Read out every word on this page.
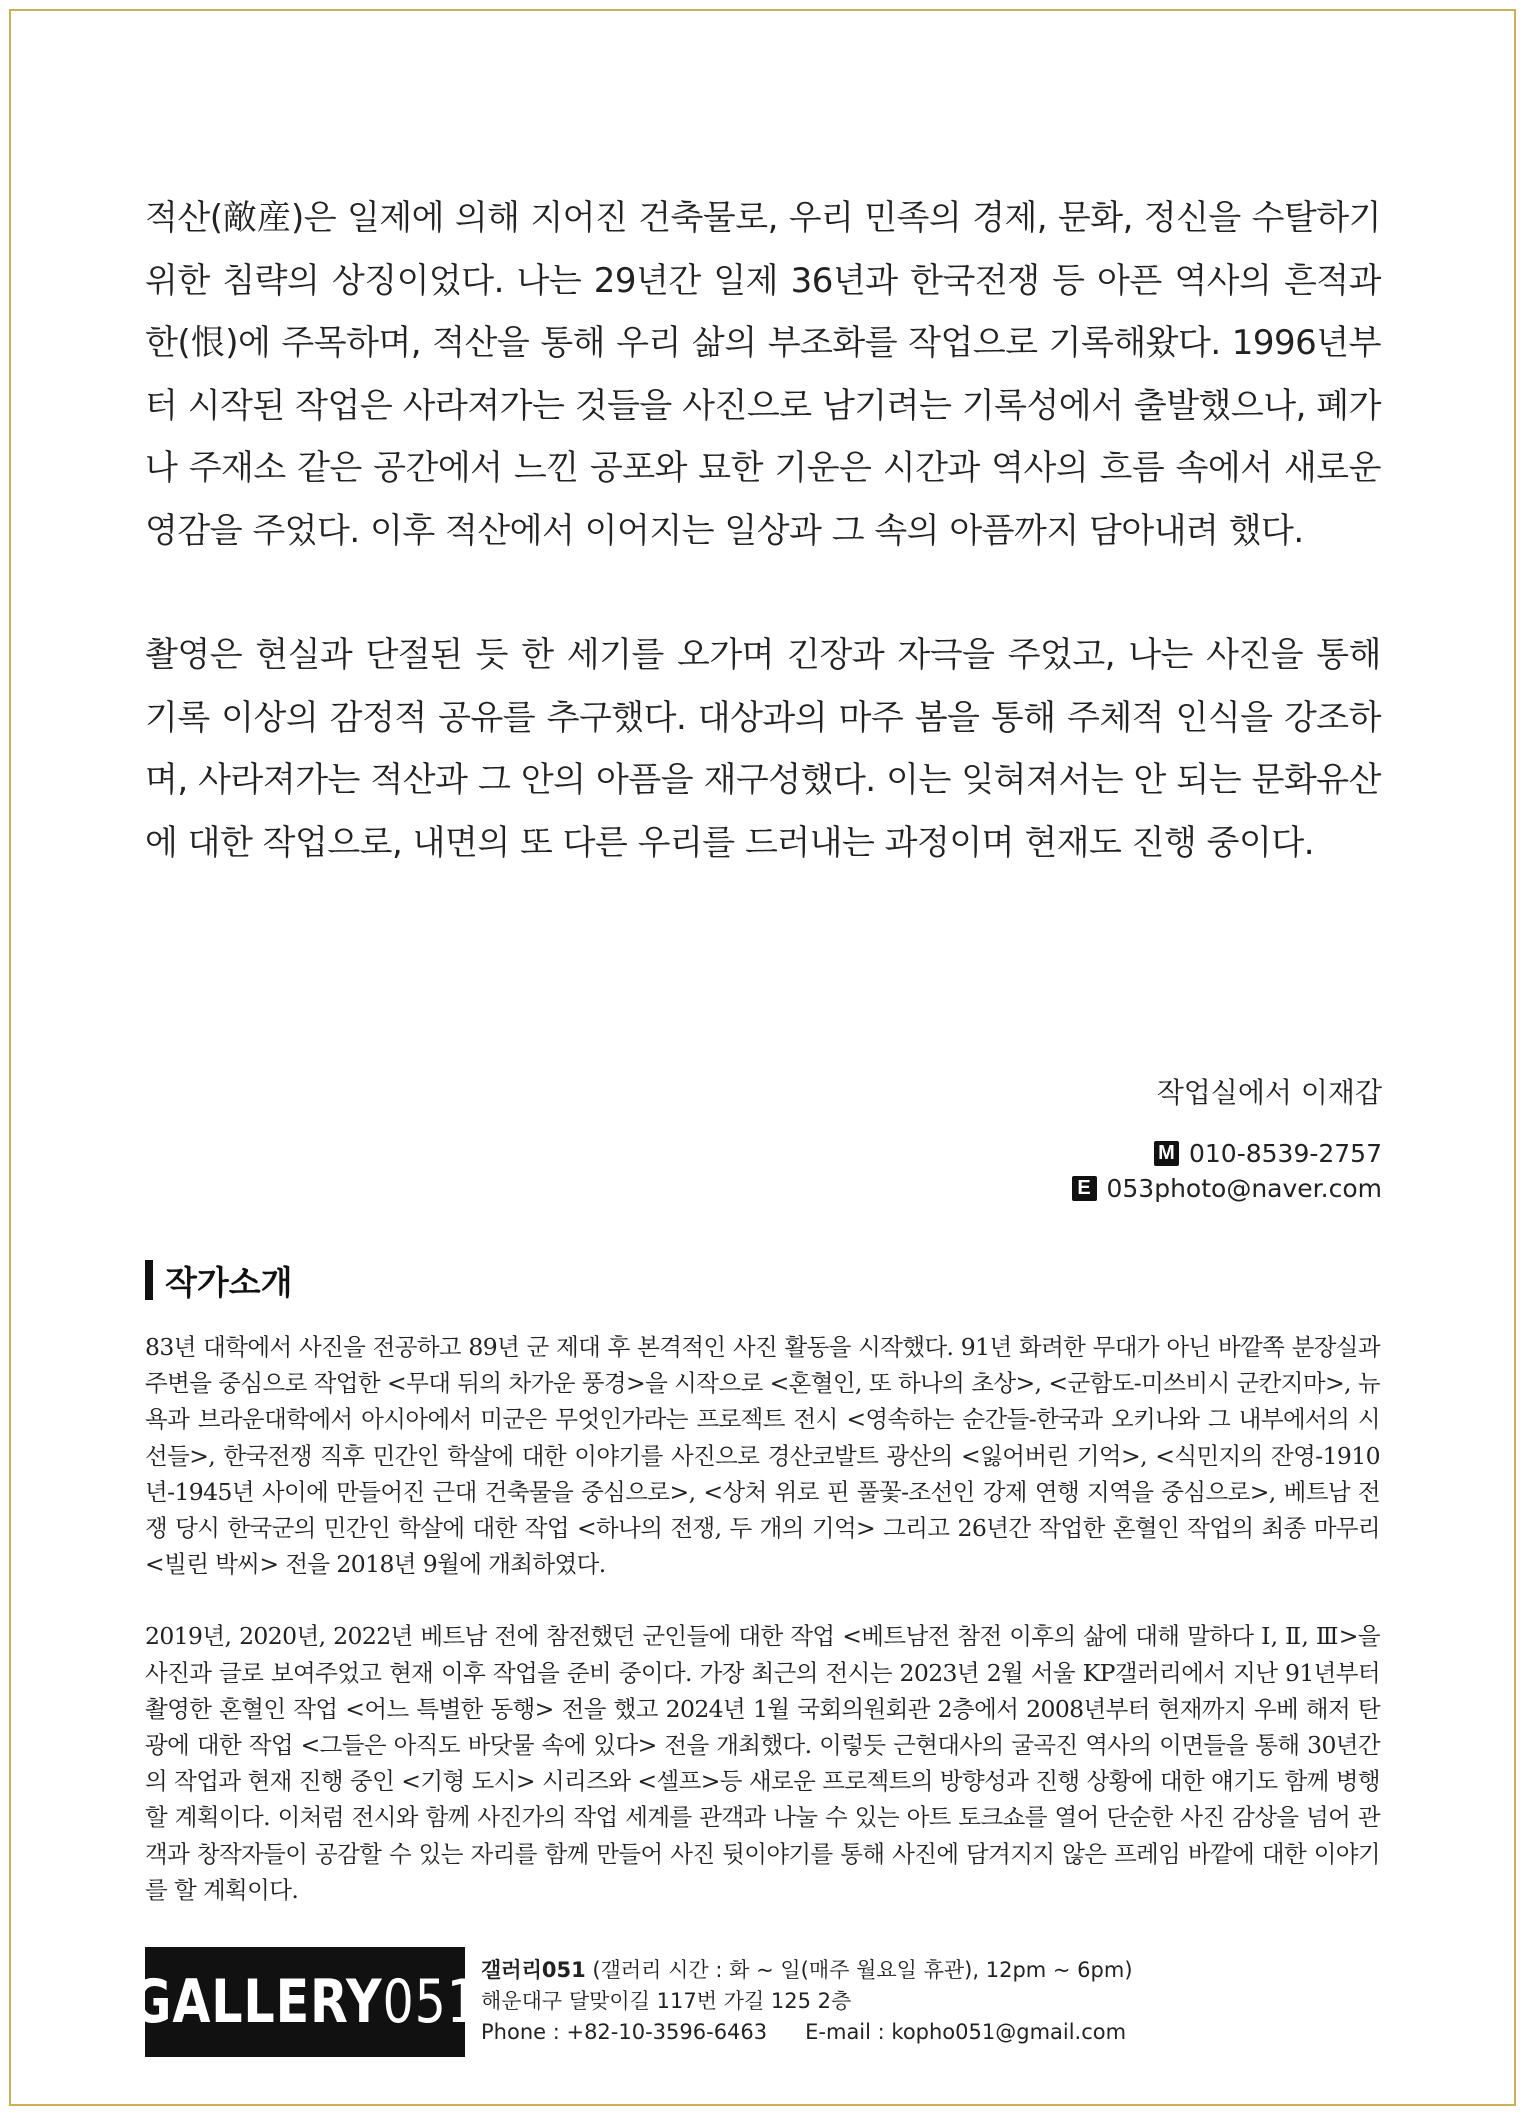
적산(敵産)은 일제에 의해 지어진 건축물로, 우리 민족의 경제, 문화, 정신을 수탈하기 위한 침략의 상징이었다. 나는 29년간 일제 36년과 한국전쟁 등 아픈 역사의 흔적과 한(恨)에 주목하며, 적산을 통해 우리 삶의 부조화를 작업으로 기록해왔다. 1996년부터 시작된 작업은 사라져가는 것들을 사진으로 남기려는 기록성에서 출발했으나, 폐가나 주재소 같은 공간에서 느낀 공포와 묘한 기운은 시간과 역사의 흐름 속에서 새로운 영감을 주었다. 이후 적산에서 이어지는 일상과 그 속의 아픔까지 담아내려 했다.

촬영은 현실과 단절된 듯 한 세기를 오가며 긴장과 자극을 주었고, 나는 사진을 통해 기록 이상의 감정적 공유를 추구했다. 대상과의 마주 봄을 통해 주체적 인식을 강조하며, 사라져가는 적산과 그 안의 아픔을 재구성했다. 이는 잊혀져서는 안 되는 문화유산에 대한 작업으로, 내면의 또 다른 우리를 드러내는 과정이며 현재도 진행 중이다.

작업실에서 이재갑
M 010-8539-2757
E 053photo@naver.com
작가소개

83년 대학에서 사진을 전공하고 89년 군 제대 후 본격적인 사진 활동을 시작했다. 91년 화려한 무대가 아닌 바깥쪽 분장실과 주변을 중심으로 작업한 <무대 뒤의 차가운 풍경>을 시작으로 <혼혈인, 또 하나의 초상>, <군함도-미쓰비시 군칸지마>, 뉴욕과 브라운대학에서 아시아에서 미군은 무엇인가라는 프로젝트 전시 <영속하는 순간들-한국과 오키나와 그 내부에서의 시선들>, 한국전쟁 직후 민간인 학살에 대한 이야기를 사진으로 경산코발트 광산의 <잃어버린 기억>, <식민지의 잔영-1910년-1945년 사이에 만들어진 근대 건축물을 중심으로>, <상처 위로 핀 풀꽃-조선인 강제 연행 지역을 중심으로>, 베트남 전쟁 당시 한국군의 민간인 학살에 대한 작업 <하나의 전쟁, 두 개의 기억> 그리고 26년간 작업한 혼혈인 작업의 최종 마무리 <빌린 박씨> 전을 2018년 9월에 개최하였다.

2019년, 2020년, 2022년 베트남 전에 참전했던 군인들에 대한 작업 <베트남전 참전 이후의 삶에 대해 말하다 Ⅰ, Ⅱ, Ⅲ>을 사진과 글로 보여주었고 현재 이후 작업을 준비 중이다. 가장 최근의 전시는 2023년 2월 서울 KP갤러리에서 지난 91년부터 촬영한 혼혈인 작업 <어느 특별한 동행> 전을 했고 2024년 1월 국회의원회관 2층에서 2008년부터 현재까지 우베 해저 탄광에 대한 작업 <그들은 아직도 바닷물 속에 있다> 전을 개최했다. 이렇듯 근현대사의 굴곡진 역사의 이면들을 통해 30년간의 작업과 현재 진행 중인 <기형 도시> 시리즈와 <셀프>등 새로운 프로젝트의 방향성과 진행 상황에 대한 얘기도 함께 병행 할 계획이다. 이처럼 전시와 함께 사진가의 작업 세계를 관객과 나눌 수 있는 아트 토크쇼를 열어 단순한 사진 감상을 넘어 관객과 창작자들이 공감할 수 있는 자리를 함께 만들어 사진 뒷이야기를 통해 사진에 담겨지지 않은 프레임 바깥에 대한 이야기를 할 계획이다.

GALLERY051 갤러리051 (갤러리 시간 : 화 ~ 일(매주 월요일 휴관), 12pm ~ 6pm)
해운대구 달맞이길 117번 가길 125 2층
Phone : +82-10-3596-6463 E-mail : kopho051@gmail.com
